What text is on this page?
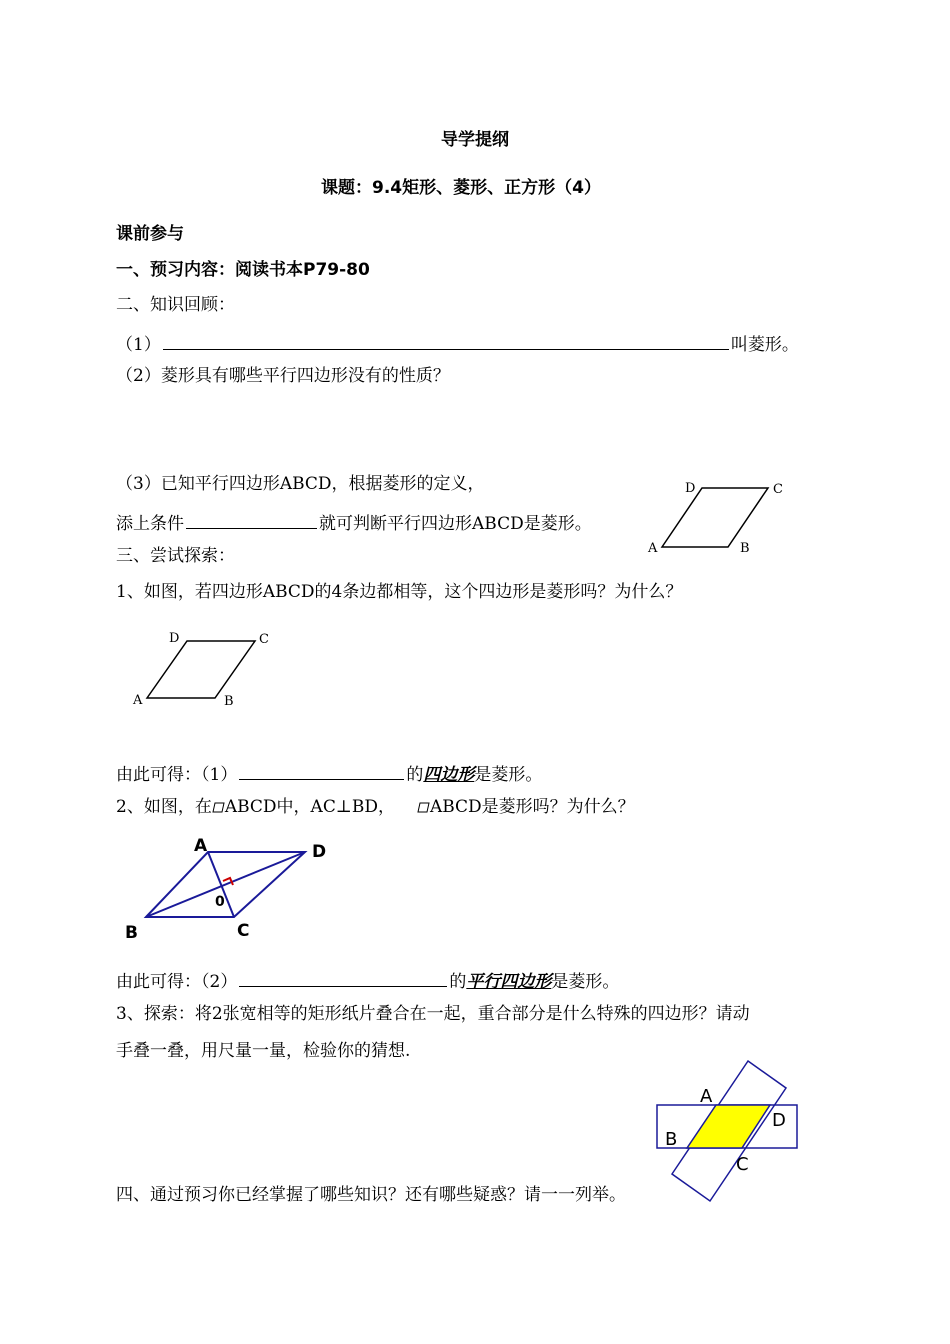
导学提纲
课题：9.4矩形、菱形、正方形（4）
课前参与
一、预习内容：阅读书本P79-80
二、知识回顾：
（1）	叫菱形。
（2）菱形具有哪些平行四边形没有的性质？
（3）已知平行四边形ABCD，根据菱形的定义，
添上条件	就可判断平行四边形ABCD是菱形。
三、尝试探索：
1、如图，若四边形ABCD的4条边都相等，这个四边形是菱形吗？为什么？
由此可得：（1）	的四边形是菱形。
2、如图，在 ABCD中，AC⊥BD， ABCD是菱形吗？为什么？
由此可得：（2）	的平行四边形是菱形。
3、探索：将2张宽相等的矩形纸片叠合在一起，重合部分是什么特殊的四边形？请动
手叠一叠，用尺量一量，检验你的猜想.
四、通过预习你已经掌握了哪些知识？还有哪些疑惑？请一一列举。
A	B
C
D
A	B
C
D
A
B	C
D
0
A
B
C
D
